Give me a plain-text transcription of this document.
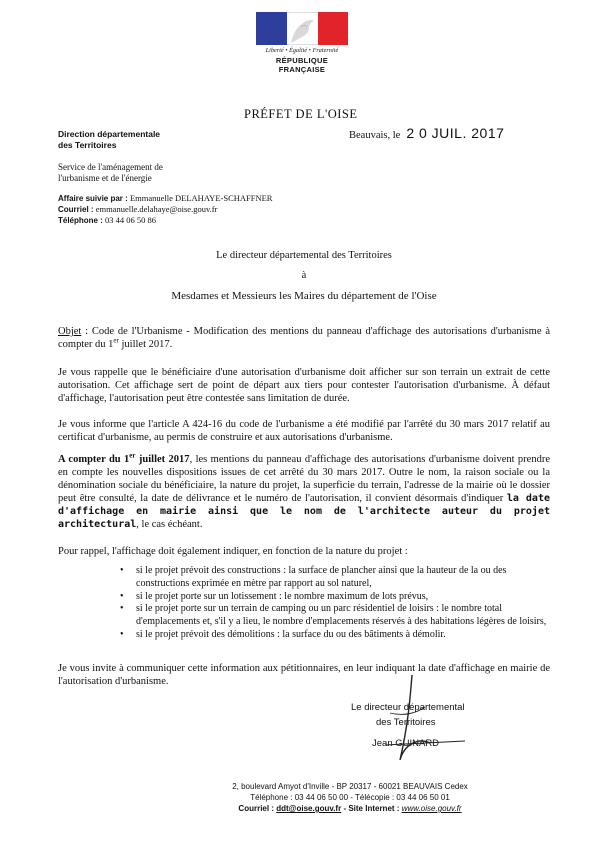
Liberté • Égalité • Fraternité
RÉPUBLIQUE FRANÇAISE
PRÉFET DE L'OISE
Direction départementale
des Territoires
Service de l'aménagement de
l'urbanisme et de l'énergie
Affaire suivie par : Emmanuelle DELAHAYE-SCHAFFNER
Courriel : emmanuelle.delahaye@oise.gouv.fr
Téléphone : 03 44 06 50 86
Beauvais, le 2 0 JUIL. 2017
Le directeur départemental des Territoires
à
Mesdames et Messieurs les Maires du département de l'Oise

Objet : Code de l'Urbanisme - Modification des mentions du panneau d'affichage des autorisations d'urbanisme à compter du 1er juillet 2017.

Je vous rappelle que le bénéficiaire d'une autorisation d'urbanisme doit afficher sur son terrain un extrait de cette autorisation. Cet affichage sert de point de départ aux tiers pour contester l'autorisation d'urbanisme. À défaut d'affichage, l'autorisation peut être contestée sans limitation de durée.
Je vous informe que l'article A 424-16 du code de l'urbanisme a été modifié par l'arrêté du 30 mars 2017 relatif au certificat d'urbanisme, au permis de construire et aux autorisations d'urbanisme.

A compter du 1er juillet 2017, les mentions du panneau d'affichage des autorisations d'urbanisme doivent prendre en compte les nouvelles dispositions issues de cet arrêté du 30 mars 2017. Outre le nom, la raison sociale ou la dénomination sociale du bénéficiaire, la nature du projet, la superficie du terrain, l'adresse de la mairie où le dossier peut être consulté, la date de délivrance et le numéro de l'autorisation, il convient désormais d'indiquer la date d'affichage en mairie ainsi que le nom de l'architecte auteur du projet architectural, le cas échéant.

Pour rappel, l'affichage doit également indiquer, en fonction de la nature du projet :
• si le projet prévoit des constructions : la surface de plancher ainsi que la hauteur de la ou des constructions exprimée en mètre par rapport au sol naturel,
• si le projet porte sur un lotissement : le nombre maximum de lots prévus,
• si le projet porte sur un terrain de camping ou un parc résidentiel de loisirs : le nombre total d'emplacements et, s'il y a lieu, le nombre d'emplacements réservés à des habitations légères de loisirs,
• si le projet prévoit des démolitions : la surface du ou des bâtiments à démolir.
Je vous invite à communiquer cette information aux pétitionnaires, en leur indiquant la date d'affichage en mairie de l'autorisation d'urbanisme.
Le directeur départemental
des Territoires
Jean GUINARD
2, boulevard Amyot d'Inville - BP 20317 - 60021 BEAUVAIS Cedex
Téléphone : 03 44 06 50 00 - Télécopie : 03 44 06 50 01
Courriel : ddt@oise.gouv.fr - Site Internet : www.oise.gouv.fr
